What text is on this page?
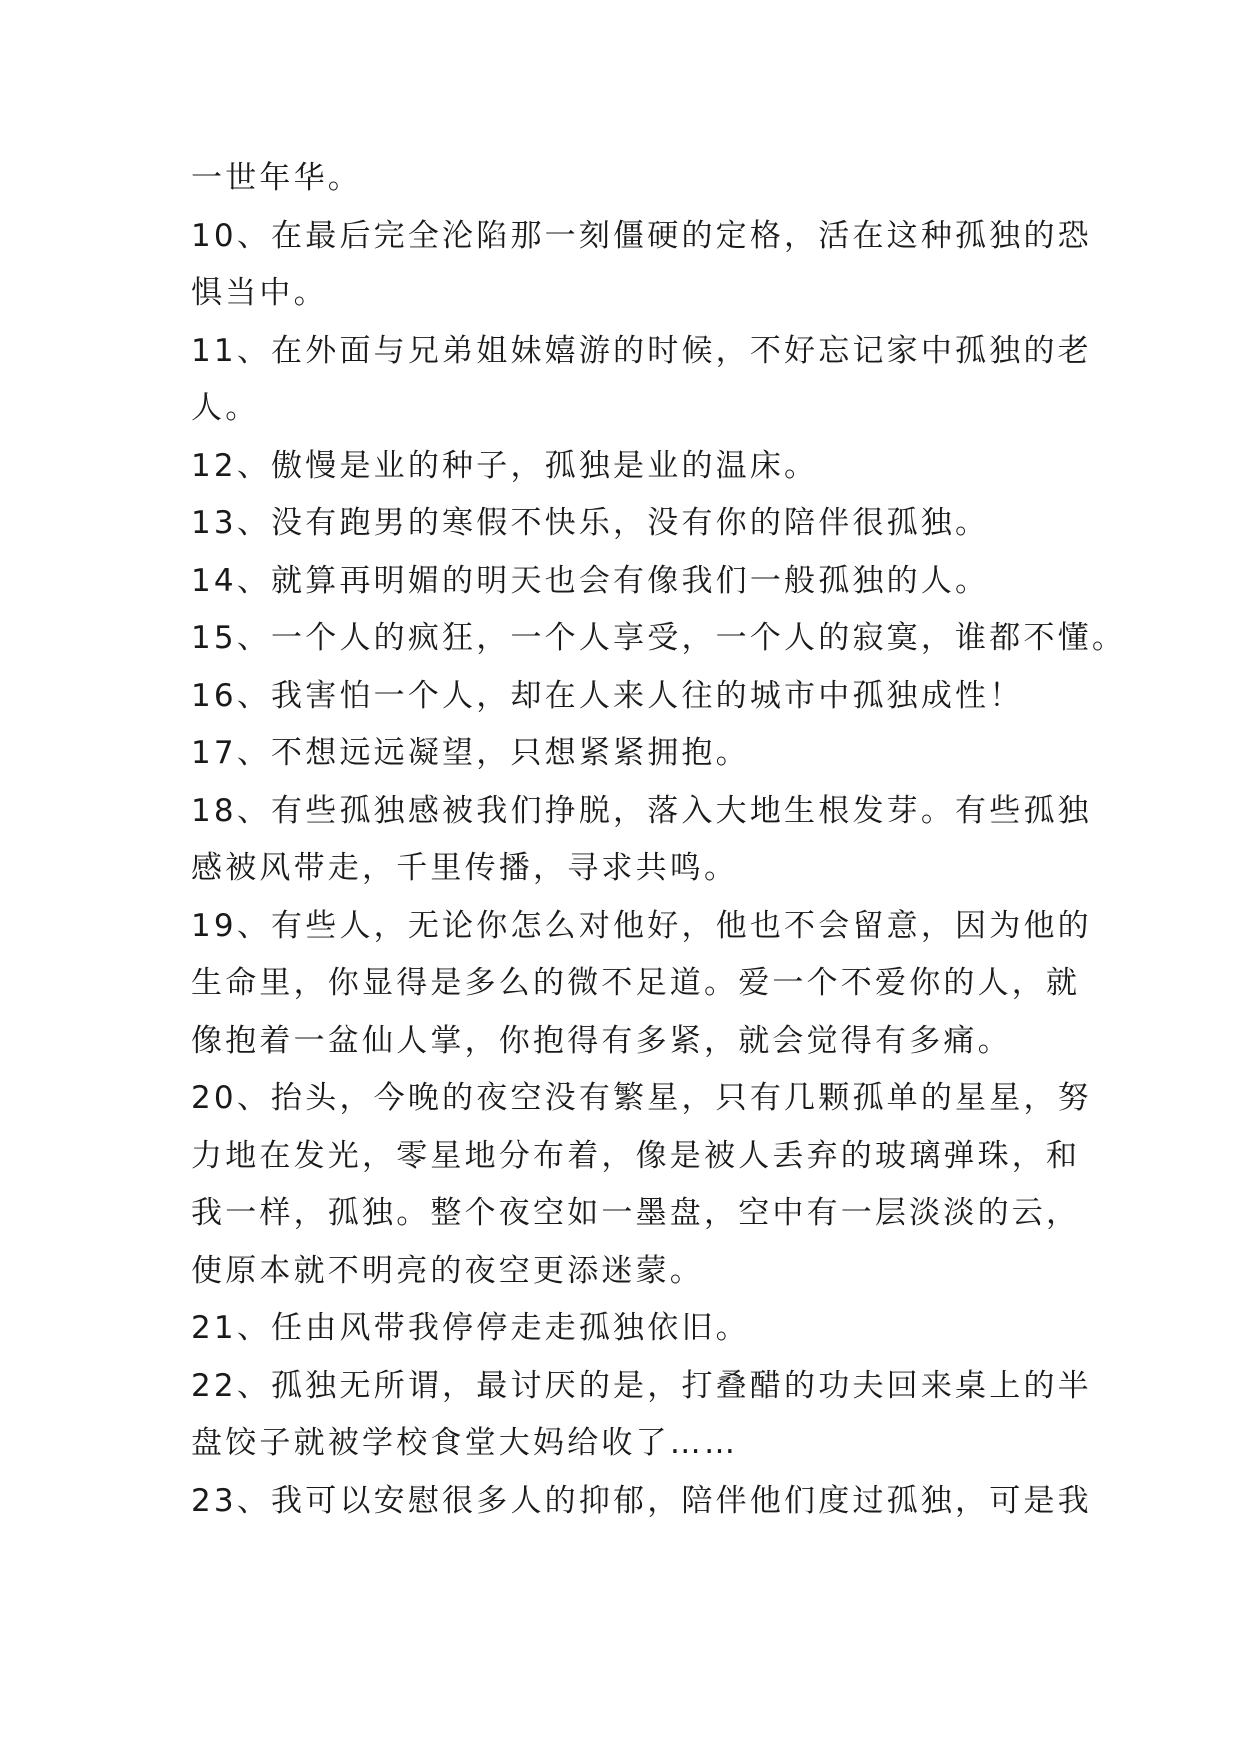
一世年华。
10、在最后完全沦陷那一刻僵硬的定格，活在这种孤独的恐
惧当中。
11、在外面与兄弟姐妹嬉游的时候，不好忘记家中孤独的老
人。
12、傲慢是业的种子，孤独是业的温床。
13、没有跑男的寒假不快乐，没有你的陪伴很孤独。
14、就算再明媚的明天也会有像我们一般孤独的人。
15、一个人的疯狂，一个人享受，一个人的寂寞，谁都不懂。
16、我害怕一个人，却在人来人往的城市中孤独成性！
17、不想远远凝望，只想紧紧拥抱。
18、有些孤独感被我们挣脱，落入大地生根发芽。有些孤独
感被风带走，千里传播，寻求共鸣。
19、有些人，无论你怎么对他好，他也不会留意，因为他的
生命里，你显得是多么的微不足道。爱一个不爱你的人，就
像抱着一盆仙人掌，你抱得有多紧，就会觉得有多痛。
20、抬头，今晚的夜空没有繁星，只有几颗孤单的星星，努
力地在发光，零星地分布着，像是被人丢弃的玻璃弹珠，和
我一样，孤独。整个夜空如一墨盘，空中有一层淡淡的云，
使原本就不明亮的夜空更添迷蒙。
21、任由风带我停停走走孤独依旧。
22、孤独无所谓，最讨厌的是，打叠醋的功夫回来桌上的半
盘饺子就被学校食堂大妈给收了……
23、我可以安慰很多人的抑郁，陪伴他们度过孤独，可是我
